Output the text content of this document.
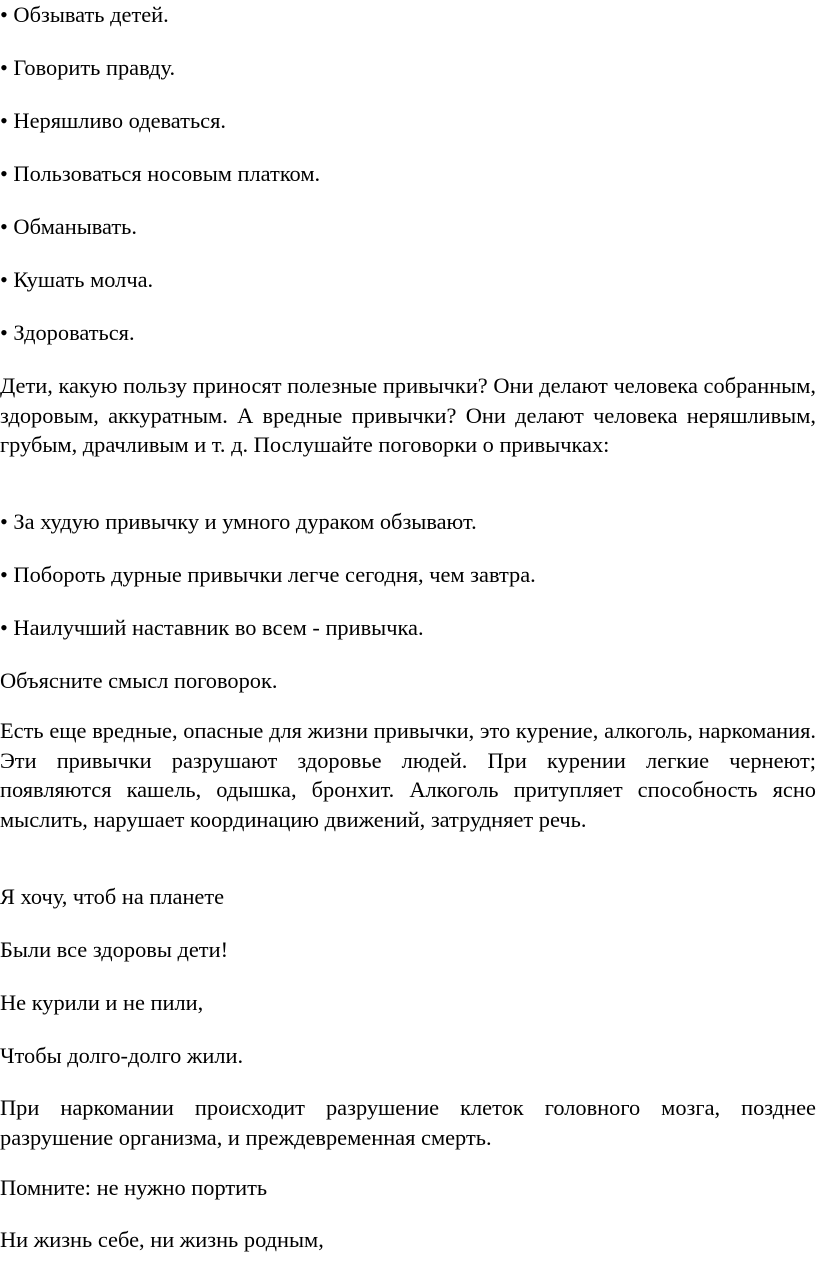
• Обзывать детей.

• Говорить правду.

• Неряшливо одеваться.

• Пользоваться носовым платком.

• Обманывать.

• Кушать молча.

• Здороваться.

Дети, какую пользу приносят полезные привычки? Они делают человека собранным, здоровым, аккуратным. А вредные привычки? Они делают человека неряшливым, грубым, драчливым и т. д. Послушайте поговорки о привычках:

• За худую привычку и умного дураком обзывают.

• Побороть дурные привычки легче сегодня, чем завтра.

• Наилучший наставник во всем - привычка.

Объясните смысл поговорок.

Есть еще вредные, опасные для жизни привычки, это курение, алкоголь, наркомания. Эти привычки разрушают здоровье людей. При курении легкие чернеют; появляются кашель, одышка, бронхит. Алкоголь притупляет способность ясно мыслить, нарушает координацию движений, затрудняет речь.

Я хочу, чтоб на планете

Были все здоровы дети!

Не курили и не пили,

Чтобы долго-долго жили.

При наркомании происходит разрушение клеток головного мозга, позднее разрушение организма, и преждевременная смерть.

Помните: не нужно портить

Ни жизнь себе, ни жизнь родным,
